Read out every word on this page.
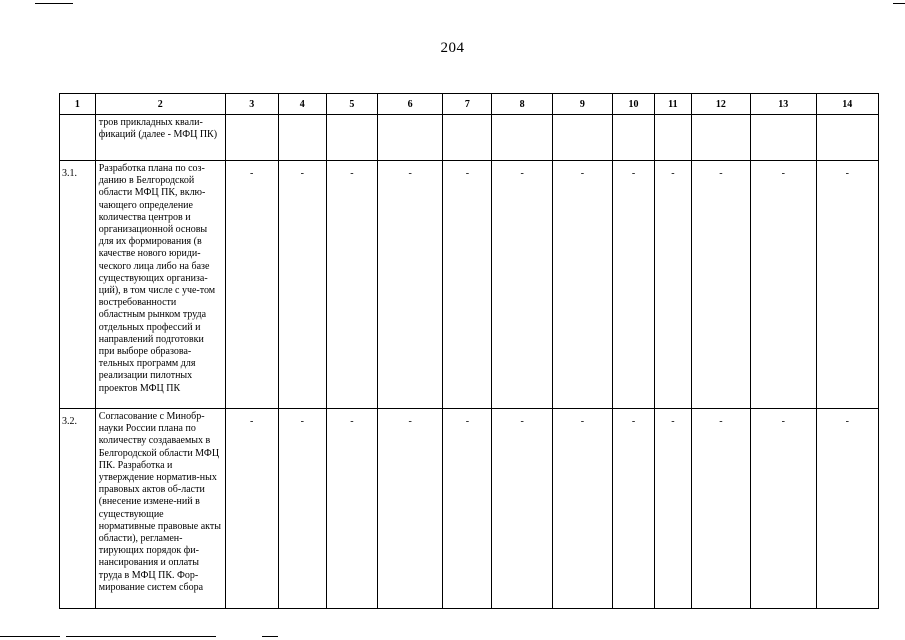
204
1	2	3	4	5	6	7	8	9	10	11	12	13	14
	тров прикладных квали-фикаций (далее - МФЦ ПК)												
3.1.	Разработка плана по соз-данию в Белгородской области МФЦ ПК, вклю-чающего определение количества центров и организационной основы для их формирования (в качестве нового юриди-ческого лица либо на базе существующих организа-ций), в том числе с уче-том востребованности областным рынком труда отдельных профессий и направлений подготовки при выборе образова-тельных программ для реализации пилотных проектов МФЦ ПК	-	-	-	-	-	-	-	-	-	-	-	-
3.2.	Согласование с Минобр-науки России плана по количеству создаваемых в Белгородской области МФЦ ПК. Разработка и утверждение норматив-ных правовых актов об-ласти (внесение измене-ний в существующие нормативные правовые акты области), регламен-тирующих порядок фи-нансирования и оплаты труда в МФЦ ПК. Фор-мирование систем сбора	-	-	-	-	-	-	-	-	-	-	-	-
